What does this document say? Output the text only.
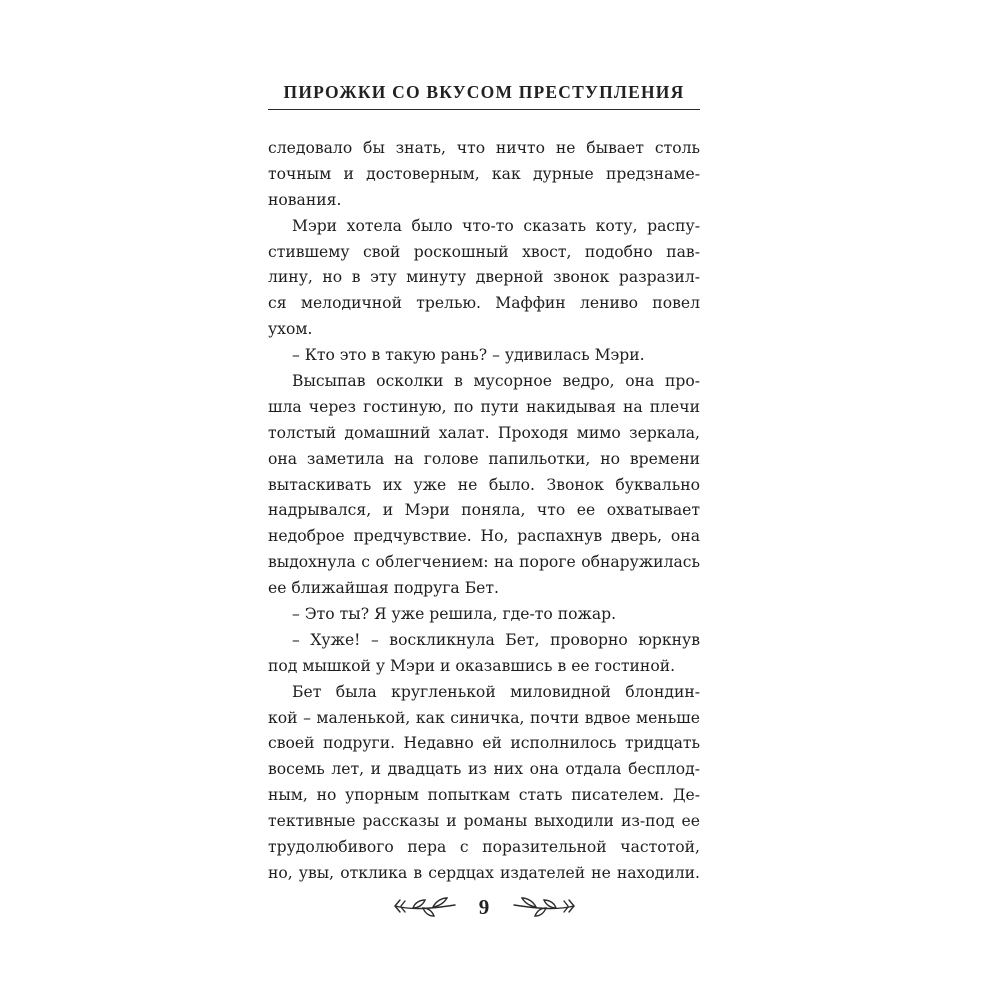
ПИРОЖКИ СО ВКУСОМ ПРЕСТУПЛЕНИЯ
следовало бы знать, что ничто не бывает столь
точным и достоверным, как дурные предзнаме-
нования.
Мэри хотела было что-то сказать коту, распу-
стившему свой роскошный хвост, подобно пав-
лину, но в эту минуту дверной звонок разразил-
ся мелодичной трелью. Маффин лениво повел
ухом.
– Кто это в такую рань? – удивилась Мэри.
Высыпав осколки в мусорное ведро, она про-
шла через гостиную, по пути накидывая на плечи
толстый домашний халат. Проходя мимо зеркала,
она заметила на голове папильотки, но времени
вытаскивать их уже не было. Звонок буквально
надрывался, и Мэри поняла, что ее охватывает
недоброе предчувствие. Но, распахнув дверь, она
выдохнула с облегчением: на пороге обнаружилась
ее ближайшая подруга Бет.
– Это ты? Я уже решила, где-то пожар.
– Хуже! – воскликнула Бет, проворно юркнув
под мышкой у Мэри и оказавшись в ее гостиной.
Бет была кругленькой миловидной блондин-
кой – маленькой, как синичка, почти вдвое меньше
своей подруги. Недавно ей исполнилось тридцать
восемь лет, и двадцать из них она отдала бесплод-
ным, но упорным попыткам стать писателем. Де-
тективные рассказы и романы выходили из-под ее
трудолюбивого пера с поразительной частотой,
но, увы, отклика в сердцах издателей не находили.
9
